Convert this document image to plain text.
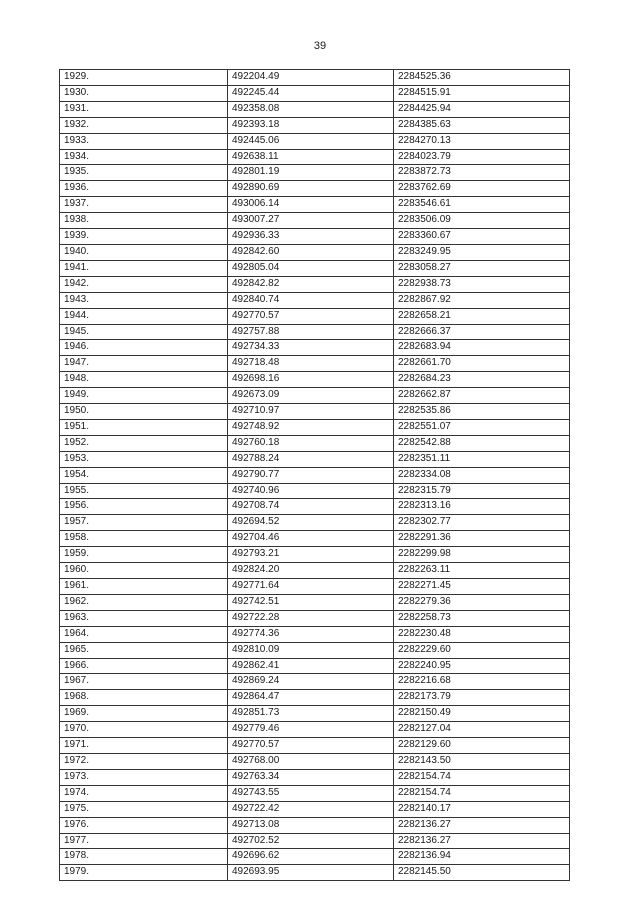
39
1929.	492204.49	2284525.36
1930.	492245.44	2284515.91
1931.	492358.08	2284425.94
1932.	492393.18	2284385.63
1933.	492445.06	2284270.13
1934.	492638.11	2284023.79
1935.	492801.19	2283872.73
1936.	492890.69	2283762.69
1937.	493006.14	2283546.61
1938.	493007.27	2283506.09
1939.	492936.33	2283360.67
1940.	492842.60	2283249.95
1941.	492805.04	2283058.27
1942.	492842.82	2282938.73
1943.	492840.74	2282867.92
1944.	492770.57	2282658.21
1945.	492757.88	2282666.37
1946.	492734.33	2282683.94
1947.	492718.48	2282661.70
1948.	492698.16	2282684.23
1949.	492673.09	2282662.87
1950.	492710.97	2282535.86
1951.	492748.92	2282551.07
1952.	492760.18	2282542.88
1953.	492788.24	2282351.11
1954.	492790.77	2282334.08
1955.	492740.96	2282315.79
1956.	492708.74	2282313.16
1957.	492694.52	2282302.77
1958.	492704.46	2282291.36
1959.	492793.21	2282299.98
1960.	492824.20	2282263.11
1961.	492771.64	2282271.45
1962.	492742.51	2282279.36
1963.	492722.28	2282258.73
1964.	492774.36	2282230.48
1965.	492810.09	2282229.60
1966.	492862.41	2282240.95
1967.	492869.24	2282216.68
1968.	492864.47	2282173.79
1969.	492851.73	2282150.49
1970.	492779.46	2282127.04
1971.	492770.57	2282129.60
1972.	492768.00	2282143.50
1973.	492763.34	2282154.74
1974.	492743.55	2282154.74
1975.	492722.42	2282140.17
1976.	492713.08	2282136.27
1977.	492702.52	2282136.27
1978.	492696.62	2282136.94
1979.	492693.95	2282145.50
